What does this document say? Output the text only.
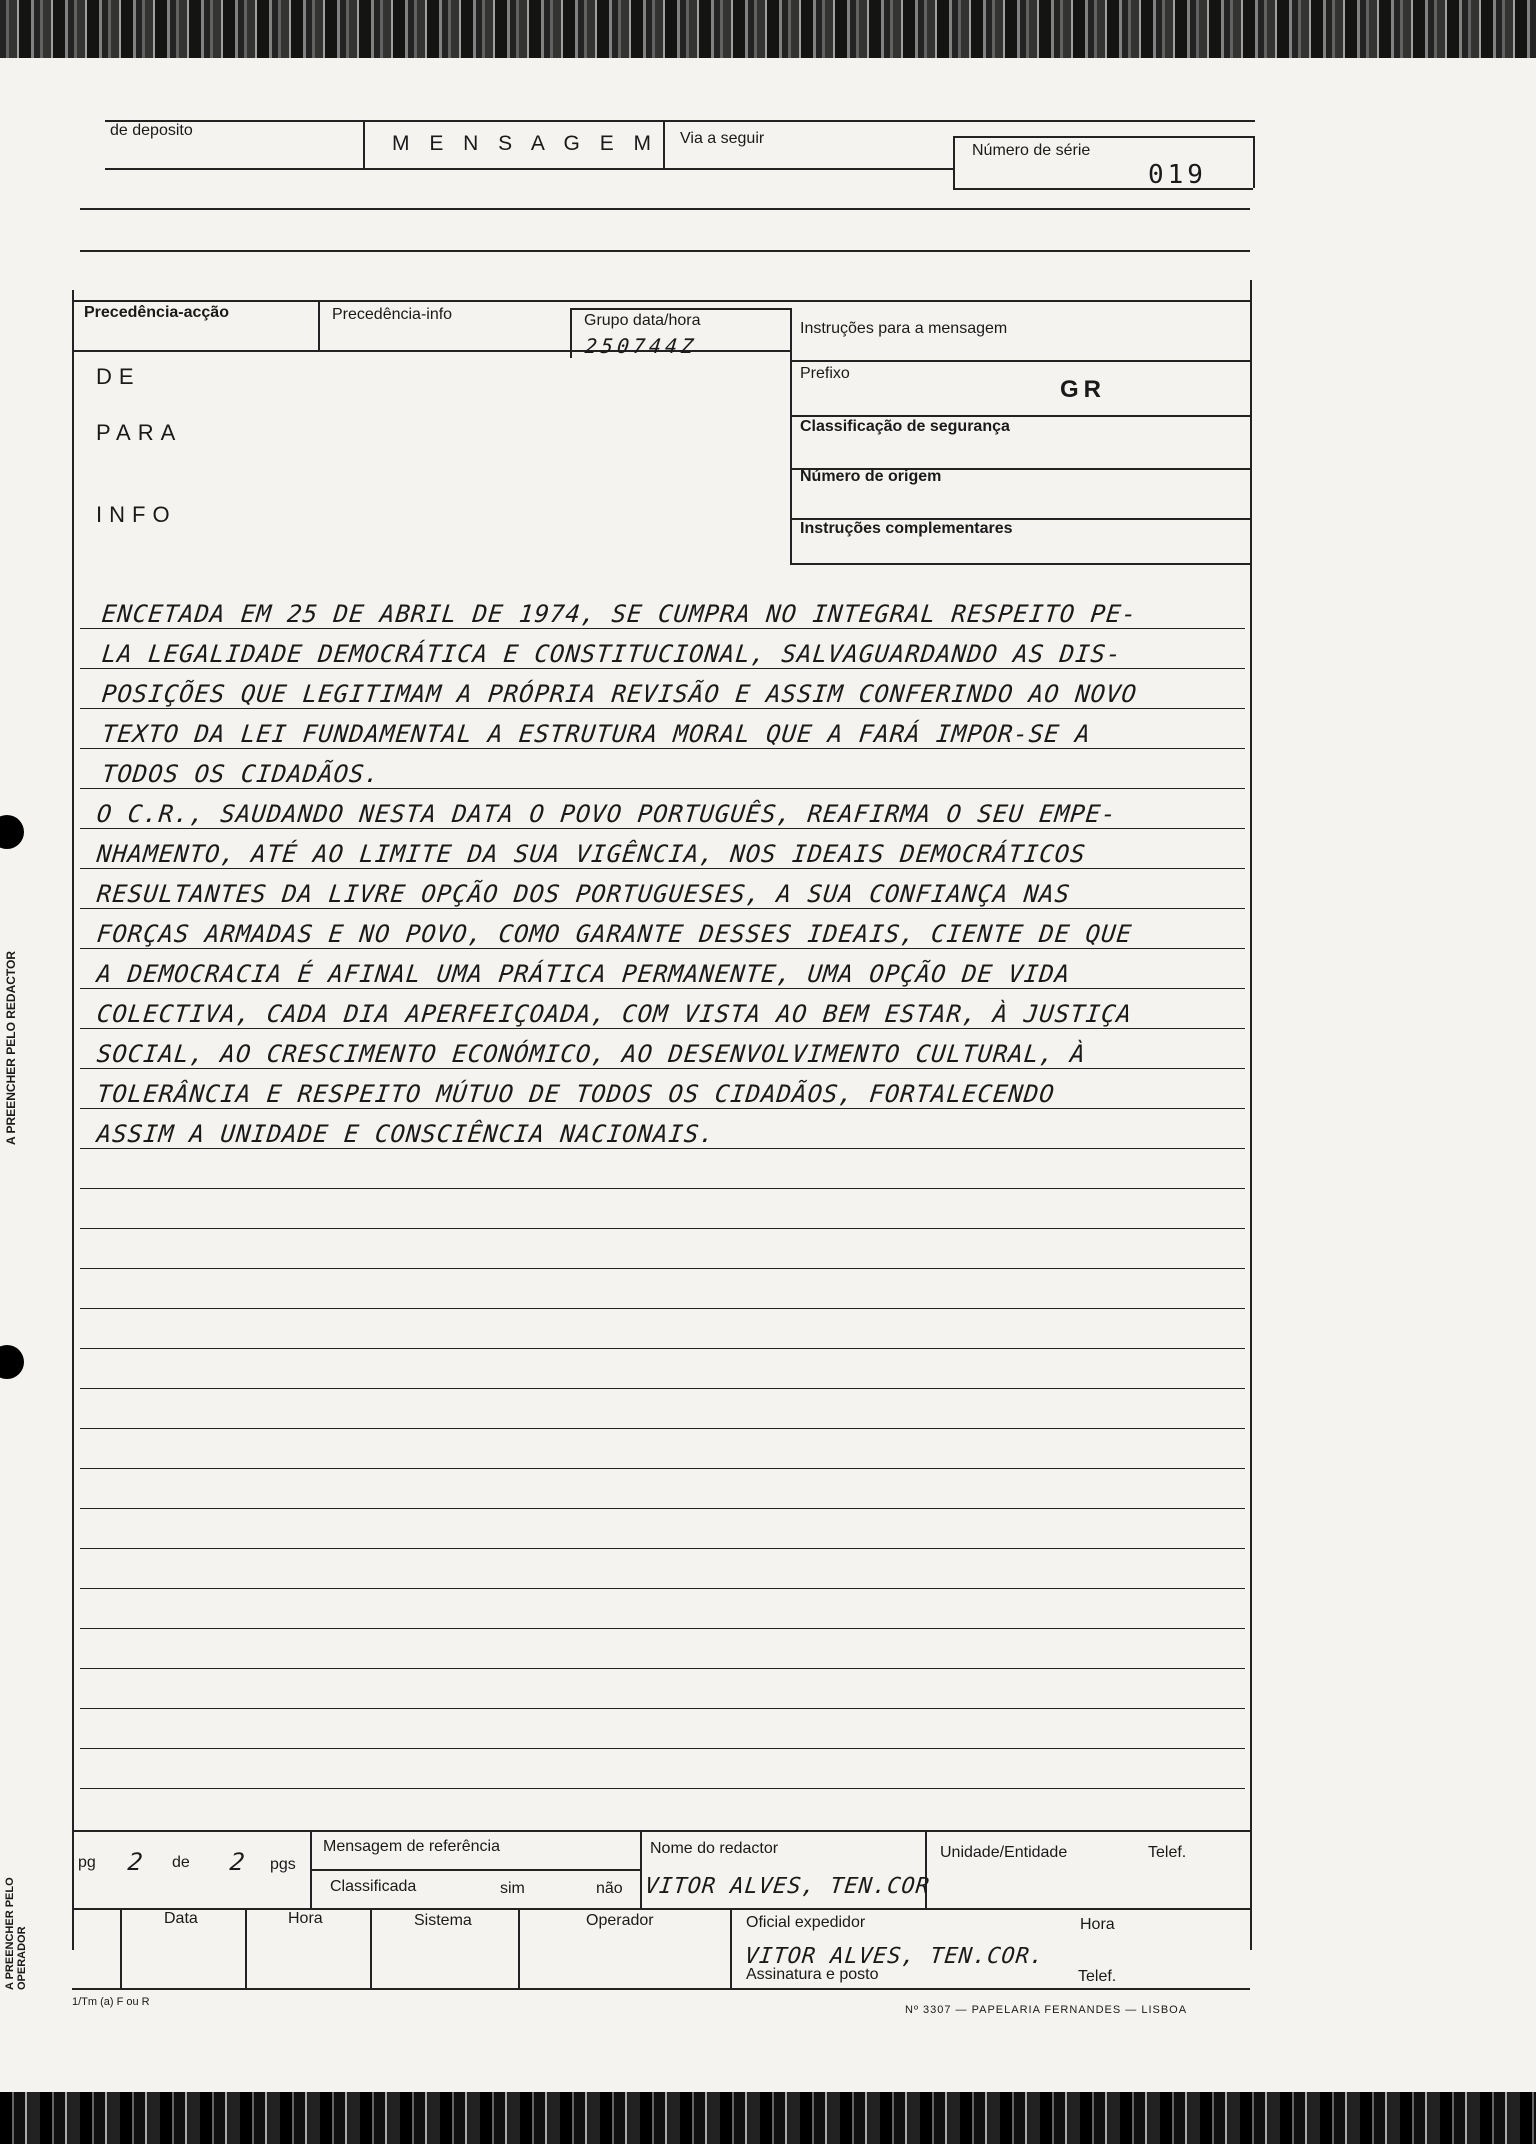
A PREENCHER PELO REDACTOR
A PREENCHER PELO OPERADOR
de deposito
M E N S A G E M Via a seguir
Número de série
019
Precedência-acção	Precedência-info	Grupo data/hora
250744Z
Instruções para a mensagem
Prefixo
GR
Classificação de segurança
Número de origem
Instruções complementares
DE
PARA
INFO
ENCETADA EM 25 DE ABRIL DE 1974, SE CUMPRA NO INTEGRAL RESPEITO PE-
LA LEGALIDADE DEMOCRÁTICA E CONSTITUCIONAL, SALVAGUARDANDO AS DIS-
POSIÇÕES QUE LEGITIMAM A PRÓPRIA REVISÃO E ASSIM CONFERINDO AO NOVO
TEXTO DA LEI FUNDAMENTAL A ESTRUTURA MORAL QUE A FARÁ IMPOR-SE A
TODOS OS CIDADÃOS.
O C.R., SAUDANDO NESTA DATA O POVO PORTUGUÊS, REAFIRMA O SEU EMPE-
NHAMENTO, ATÉ AO LIMITE DA SUA VIGÊNCIA, NOS IDEAIS DEMOCRÁTICOS
RESULTANTES DA LIVRE OPÇÃO DOS PORTUGUESES, A SUA CONFIANÇA NAS
FORÇAS ARMADAS E NO POVO, COMO GARANTE DESSES IDEAIS, CIENTE DE QUE
A DEMOCRACIA É AFINAL UMA PRÁTICA PERMANENTE, UMA OPÇÃO DE VIDA
COLECTIVA, CADA DIA APERFEIÇOADA, COM VISTA AO BEM ESTAR, À JUSTIÇA
SOCIAL, AO CRESCIMENTO ECONÓMICO, AO DESENVOLVIMENTO CULTURAL, À
TOLERÂNCIA E RESPEITO MÚTUO DE TODOS OS CIDADÃOS, FORTALECENDO
ASSIM A UNIDADE E CONSCIÊNCIA NACIONAIS.
pg 2 de 2 pgs
Mensagem de referência
Classificada	sim	não
Nome do redactor
VITOR ALVES, TEN.COR
Unidade/Entidade	Telef.
Data	Hora	Sistema	Operador	Oficial expedidor	Hora
VITOR ALVES, TEN.COR.
Assinatura e posto	Telef.
1/Tm (a) F ou R
Nº 3307 — PAPELARIA FERNANDES — LISBOA
